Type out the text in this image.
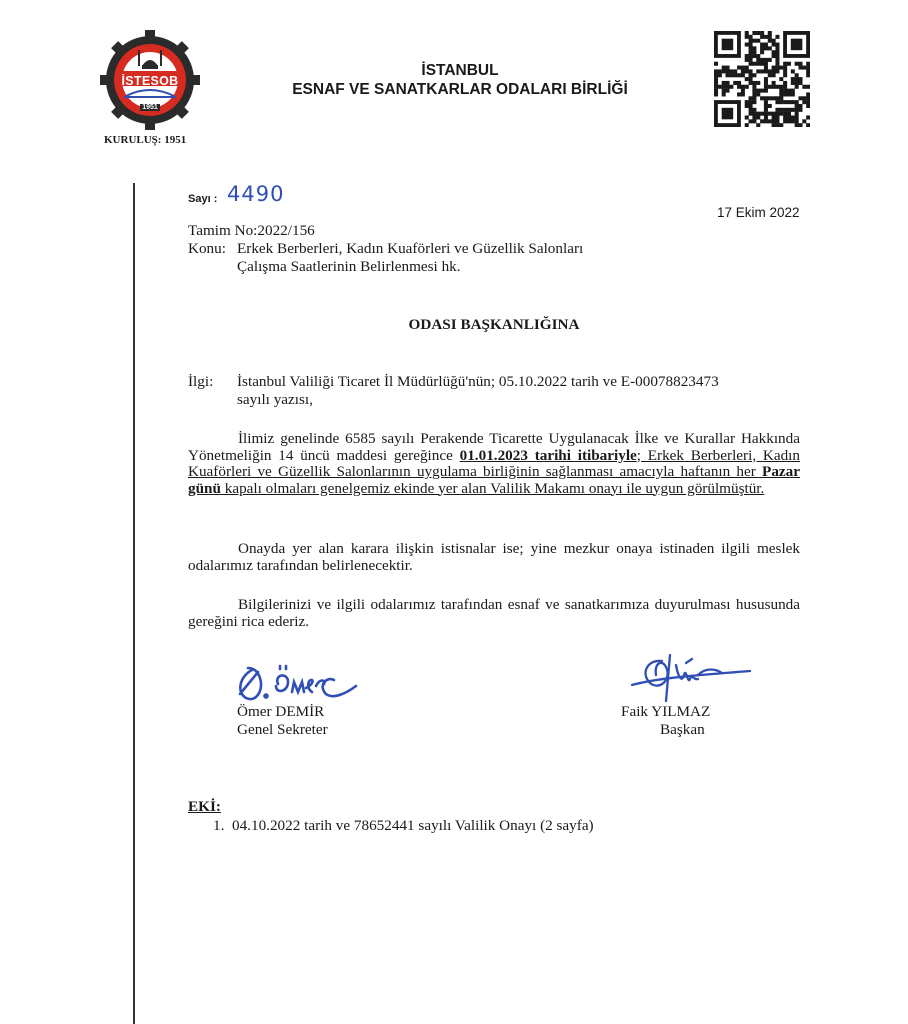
İSTESOB
1951
KURULUŞ: 1951
İSTANBUL
ESNAF VE SANATKARLAR ODALARI BİRLİĞİ
Sayı : 4490
17 Ekim 2022
Tamim No:2022/156
Konu: Erkek Berberleri, Kadın Kuaförleri ve Güzellik Salonları
Çalışma Saatlerinin Belirlenmesi hk.
ODASI BAŞKANLIĞINA
İlgi: İstanbul Valiliği Ticaret İl Müdürlüğü'nün; 05.10.2022 tarih ve E-00078823473
sayılı yazısı,
İlimiz genelinde 6585 sayılı Perakende Ticarette Uygulanacak İlke ve Kurallar Hakkında Yönetmeliğin 14 üncü maddesi gereğince 01.01.2023 tarihi itibariyle; Erkek Berberleri, Kadın Kuaförleri ve Güzellik Salonlarının uygulama birliğinin sağlanması amacıyla haftanın her Pazar günü kapalı olmaları genelgemiz ekinde yer alan Valilik Makamı onayı ile uygun görülmüştür.
Onayda yer alan karara ilişkin istisnalar ise; yine mezkur onaya istinaden ilgili meslek odalarımız tarafından belirlenecektir.
Bilgilerinizi ve ilgili odalarımız tarafından esnaf ve sanatkarımıza duyurulması hususunda gereğini rica ederiz.
Ömer DEMİR
Genel Sekreter
Faik YILMAZ
Başkan
EKİ:
1.  04.10.2022 tarih ve 78652441 sayılı Valilik Onayı (2 sayfa)
